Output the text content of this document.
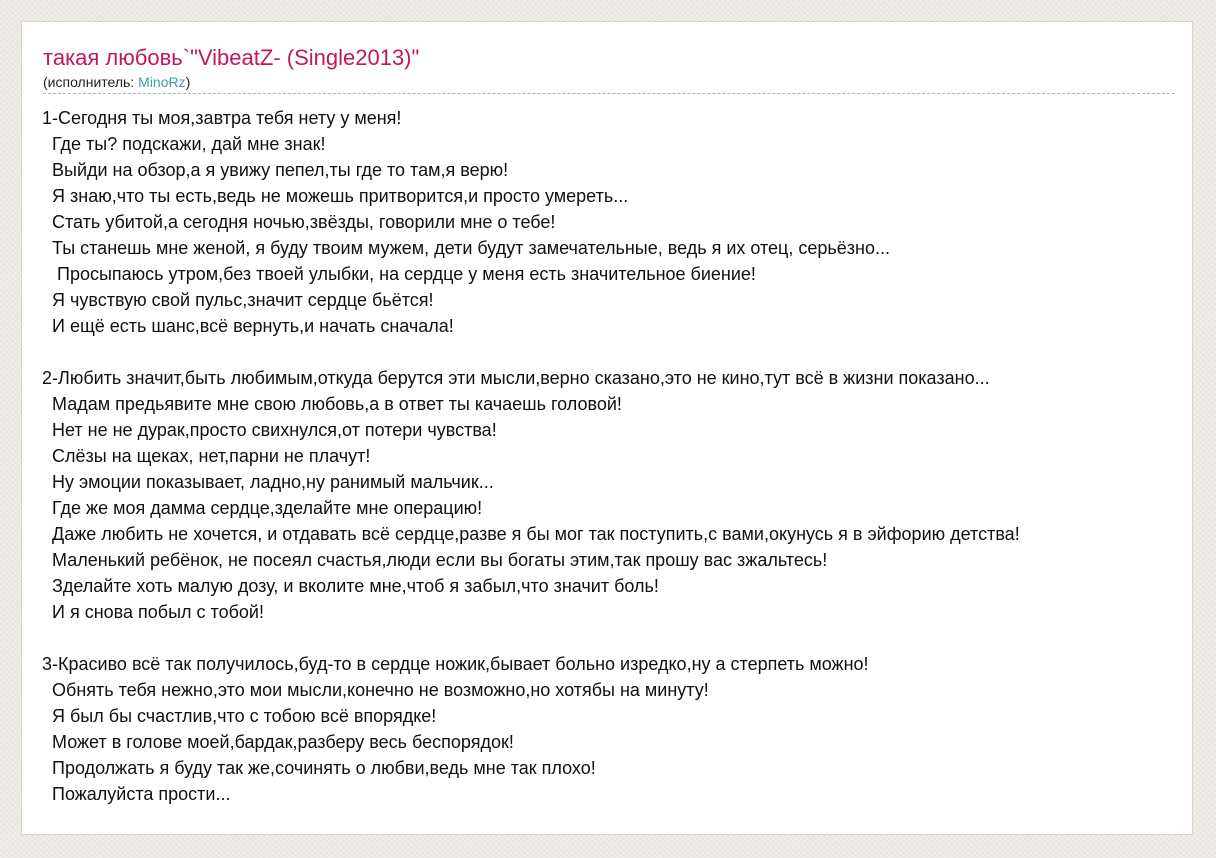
такая любовь`"VibeatZ- (Single2013)"
(исполнитель: MinoRz)
1-Сегодня ты моя,завтра тебя нету у меня!
Где ты? подскажи, дай мне знак!
Выйди на обзор,а я увижу пепел,ты где то там,я верю!
Я знаю,что ты есть,ведь не можешь притворится,и просто умереть...
Стать убитой,а сегодня ночью,звёзды, говорили мне о тебе!
Ты станешь мне женой, я буду твоим мужем, дети будут замечательные, ведь я их отец, серьёзно...
Просыпаюсь утром,без твоей улыбки, на сердце у меня есть значительное биение!
Я чувствую свой пульс,значит сердце бьётся!
И ещё есть шанс,всё вернуть,и начать сначала!
2-Любить значит,быть любимым,откуда берутся эти мысли,верно сказано,это не кино,тут всё в жизни показано...
Мадам предьявите мне свою любовь,а в ответ ты качаешь головой!
Нет не не дурак,просто свихнулся,от потери чувства!
Слёзы на щеках, нет,парни не плачут!
Ну эмоции показывает, ладно,ну ранимый мальчик...
Где же моя дамма сердце,зделайте мне операцию!
Даже любить не хочется, и отдавать всё сердце,разве я бы мог так поступить,с вами,окунусь я в эйфорию детства!
Маленький ребёнок, не посеял счастья,люди если вы богаты этим,так прошу вас зжальтесь!
Зделайте хоть малую дозу, и вколите мне,чтоб я забыл,что значит боль!
И я снова побыл с тобой!
3-Красиво всё так получилось,буд-то в сердце ножик,бывает больно изредко,ну а стерпеть можно!
Обнять тебя нежно,это мои мысли,конечно не возможно,но хотябы на минуту!
Я был бы счастлив,что с тобою всё впорядке!
Может в голове моей,бардак,разберу весь беспорядок!
Продолжать я буду так же,сочинять о любви,ведь мне так плохо!
Пожалуйста прости...
